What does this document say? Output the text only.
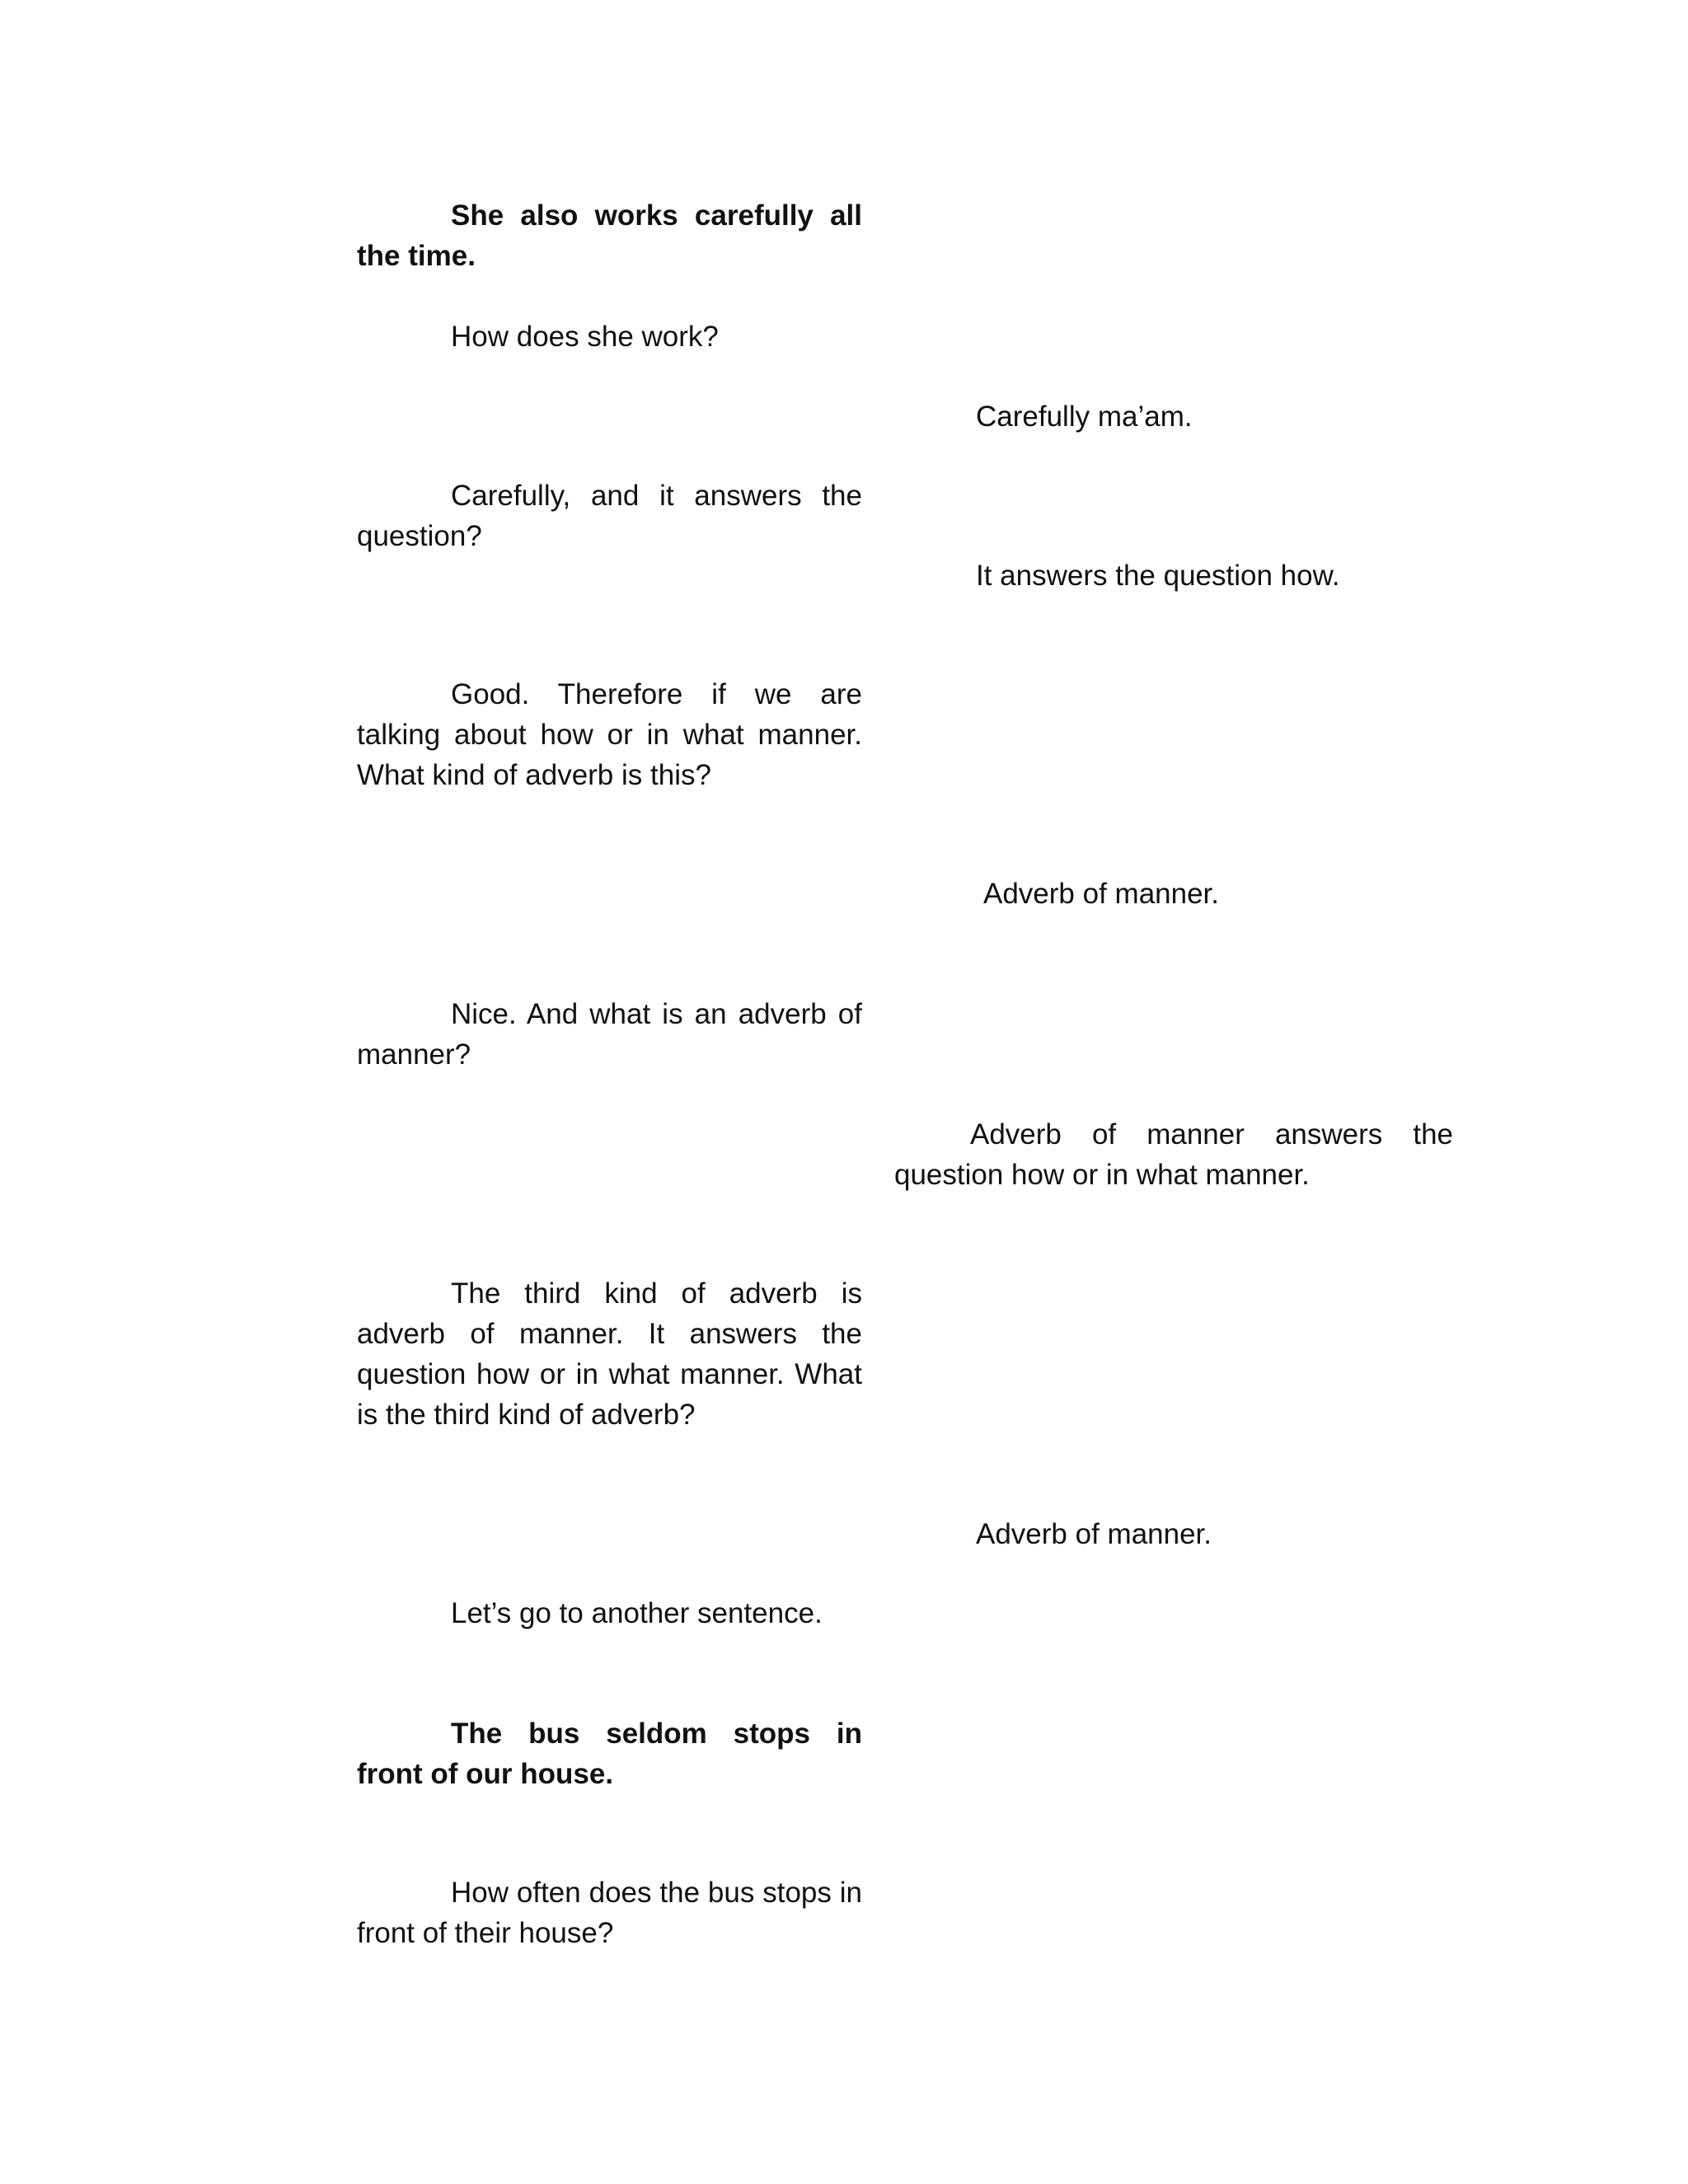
She also works carefully all the time.

How does she work?

Carefully ma’am.

Carefully, and it answers the question?

It answers the question how.

Good. Therefore if we are talking about how or in what manner. What kind of adverb is this?

Adverb of manner.

Nice. And what is an adverb of manner?

Adverb of manner answers the question how or in what manner.

The third kind of adverb is adverb of manner. It answers the question how or in what manner. What is the third kind of adverb?

Adverb of manner.

Let’s go to another sentence.

The bus seldom stops in front of our house.

How often does the bus stops in front of their house?
